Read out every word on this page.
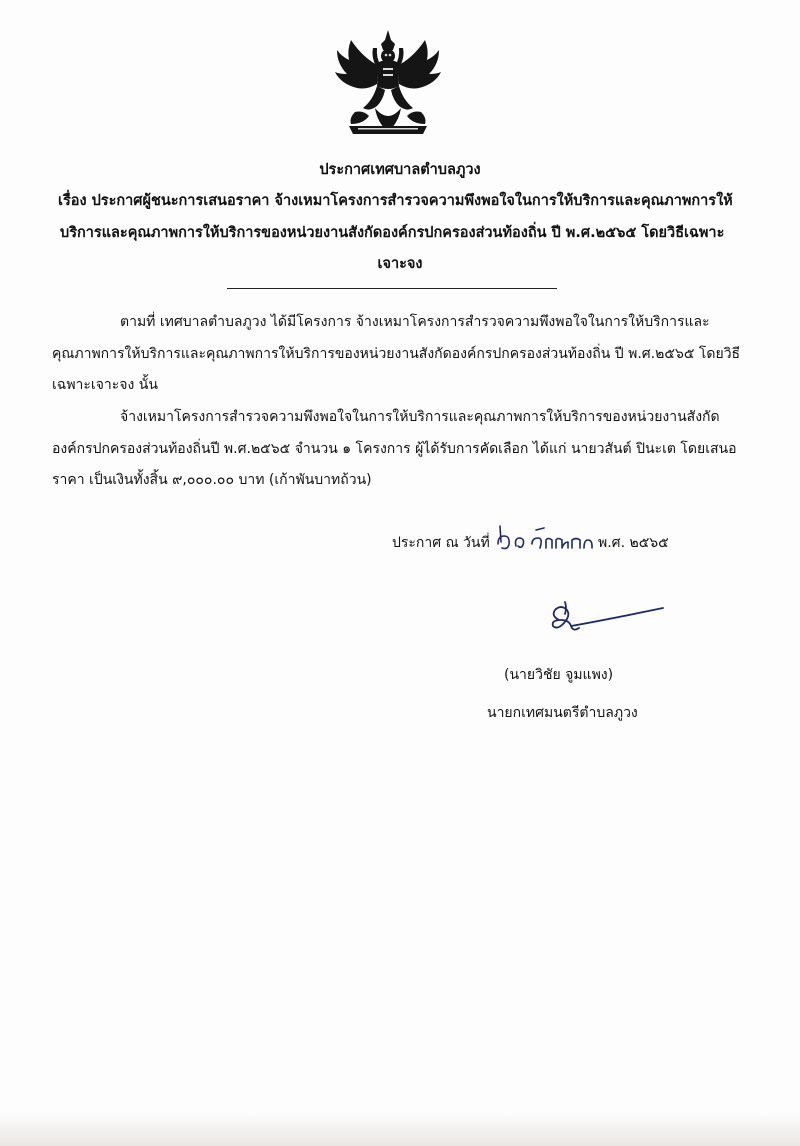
ประกาศเทศบาลตำบลภูวง
เรื่อง ประกาศผู้ชนะการเสนอราคา จ้างเหมาโครงการสำรวจความพึงพอใจในการให้บริการและคุณภาพการให้
บริการและคุณภาพการให้บริการของหน่วยงานสังกัดองค์กรปกครองส่วนท้องถิ่น ปี พ.ศ.๒๕๖๕ โดยวิธีเฉพาะ
เจาะจง
ตามที่ เทศบาลตำบลภูวง ได้มีโครงการ จ้างเหมาโครงการสำรวจความพึงพอใจในการให้บริการและ
คุณภาพการให้บริการและคุณภาพการให้บริการของหน่วยงานสังกัดองค์กรปกครองส่วนท้องถิ่น ปี พ.ศ.๒๕๖๕ โดยวิธี
เฉพาะเจาะจง นั้น
จ้างเหมาโครงการสำรวจความพึงพอใจในการให้บริการและคุณภาพการให้บริการของหน่วยงานสังกัด
องค์กรปกครองส่วนท้องถิ่นปี พ.ศ.๒๕๖๕ จำนวน ๑ โครงการ ผู้ได้รับการคัดเลือก ได้แก่ นายวสันต์ ปินะเต โดยเสนอ
ราคา เป็นเงินทั้งสิ้น ๙,๐๐๐.๐๐ บาท (เก้าพันบาทถ้วน)
ประกาศ ณ วันที่	พ.ศ. ๒๕๖๕
(นายวิชัย จูมแพง)
นายกเทศมนตรีตำบลภูวง
